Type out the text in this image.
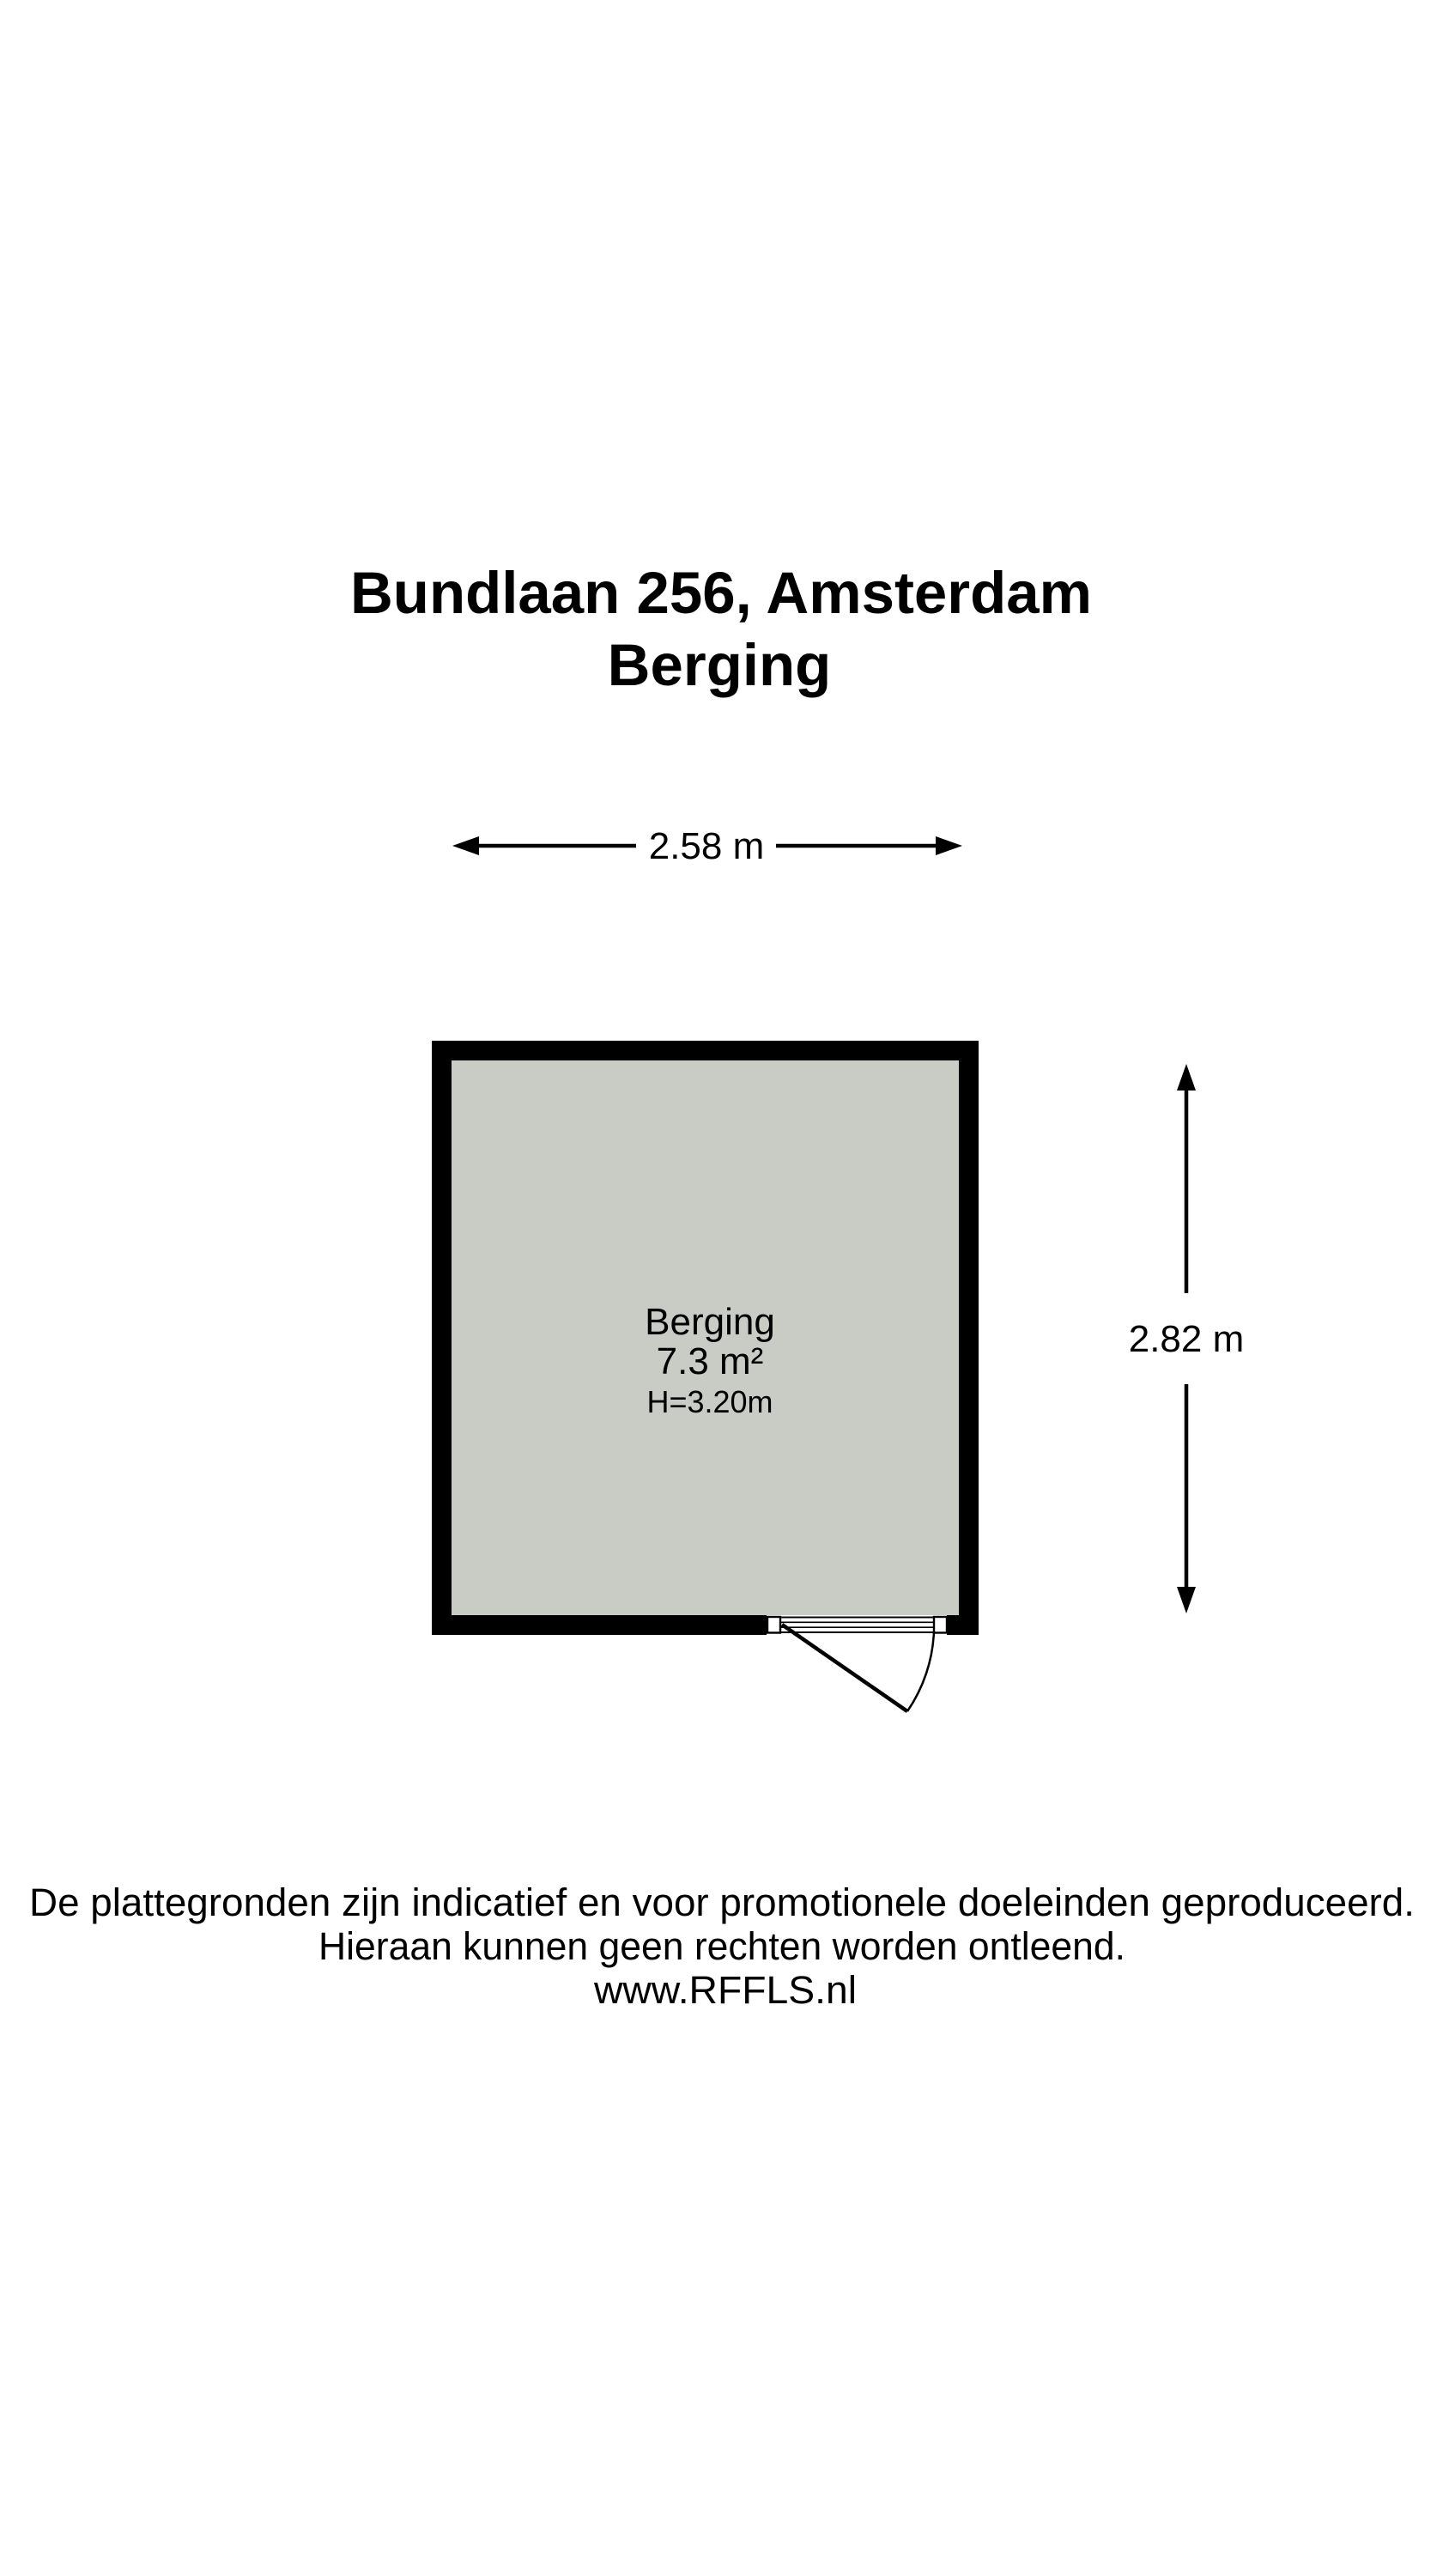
Bundlaan 256, Amsterdam
Berging
2.58 m
Berging
7.3 m²
H=3.20m
2.82 m
De plattegronden zijn indicatief en voor promotionele doeleinden geproduceerd.
Hieraan kunnen geen rechten worden ontleend.
www.RFFLS.nl
